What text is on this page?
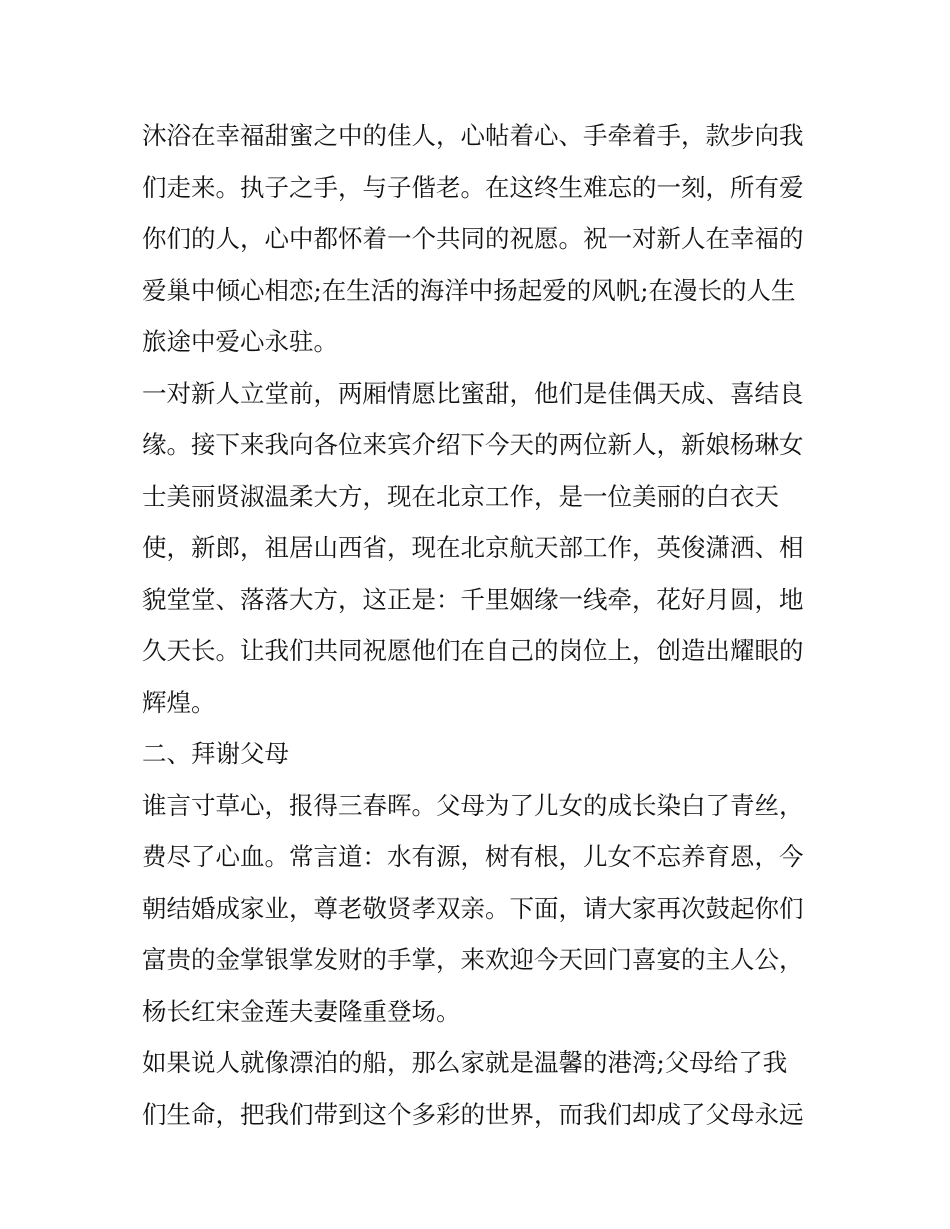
沐浴在幸福甜蜜之中的佳人，心帖着心、手牵着手，款步向我
们走来。执子之手，与子偕老。在这终生难忘的一刻，所有爱
你们的人，心中都怀着一个共同的祝愿。祝一对新人在幸福的
爱巢中倾心相恋;在生活的海洋中扬起爱的风帆;在漫长的人生
旅途中爱心永驻。
一对新人立堂前，两厢情愿比蜜甜，他们是佳偶天成、喜结良
缘。接下来我向各位来宾介绍下今天的两位新人，新娘杨琳女
士美丽贤淑温柔大方，现在北京工作，是一位美丽的白衣天
使，新郎，祖居山西省，现在北京航天部工作，英俊潇洒、相
貌堂堂、落落大方，这正是：千里姻缘一线牵，花好月圆，地
久天长。让我们共同祝愿他们在自己的岗位上，创造出耀眼的
辉煌。
二、拜谢父母
谁言寸草心，报得三春晖。父母为了儿女的成长染白了青丝，
费尽了心血。常言道：水有源，树有根，儿女不忘养育恩，今
朝结婚成家业，尊老敬贤孝双亲。下面，请大家再次鼓起你们
富贵的金掌银掌发财的手掌，来欢迎今天回门喜宴的主人公，
杨长红宋金莲夫妻隆重登场。
如果说人就像漂泊的船，那么家就是温馨的港湾;父母给了我
们生命，把我们带到这个多彩的世界，而我们却成了父母永远
